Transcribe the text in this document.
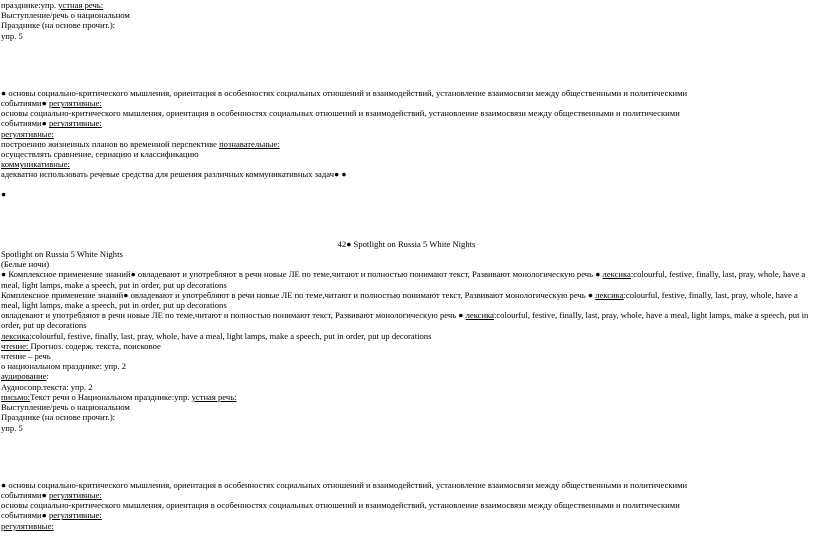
празднике:упр. устная речь:
Выступление/речь о национальном
Празднике (на основе прочит.):
упр. 5
● основы социально-критического мышления, ориентация в особенностях социальных отношений и взаимодействий, установление взаимосвязи между общественными и политическими
событиями● регулятивные:
основы социально-критического мышления, ориентация в особенностях социальных отношений и взаимодействий, установление взаимосвязи между общественными и политическими
событиями● регулятивные:
регулятивные:
построению жизненных планов во временной перспективе познавательные:
осуществлять сравнение, сериацию и классификацию
коммуникативные:
адекватно использовать речевые средства для решения различных коммуникативных задач● ●
●
42● Spotlight on Russia 5 White Nights
Spotlight on Russia 5 White Nights
(Белые ночи)
● Комплексное применение знаний● овладевают и употребляют в речи новые ЛЕ по теме,читают и полностью понимают текст, Развивают монологическую речь ● лексика:colourful, festive, finally, last, pray, whole, have a meal, light lamps, make a speech, put in order, put up decorations
Комплексное применение знаний● овладевают и употребляют в речи новые ЛЕ по теме,читают и полностью понимают текст, Развивают монологическую речь ● лексика:colourful, festive, finally, last, pray, whole, have a meal, light lamps, make a speech, put in order, put up decorations
овладевают и употребляют в речи новые ЛЕ по теме,читают и полностью понимают текст, Развивают монологическую речь ● лексика:colourful, festive, finally, last, pray, whole, have a meal, light lamps, make a speech, put in order, put up decorations
лексика:colourful, festive, finally, last, pray, whole, have a meal, light lamps, make a speech, put in order, put up decorations
чтение: Прогноз. содерж. текста, поисковое
чтение – речь
о национальном празднике: упр. 2
аудирование:
Аудиосопр.текста: упр. 2
письмо:Текст речи о Национальном празднике:упр. устная речь:
Выступление/речь о национальном
Празднике (на основе прочит.):
упр. 5
● основы социально-критического мышления, ориентация в особенностях социальных отношений и взаимодействий, установление взаимосвязи между общественными и политическими
событиями● регулятивные:
основы социально-критического мышления, ориентация в особенностях социальных отношений и взаимодействий, установление взаимосвязи между общественными и политическими
событиями● регулятивные:
регулятивные:
